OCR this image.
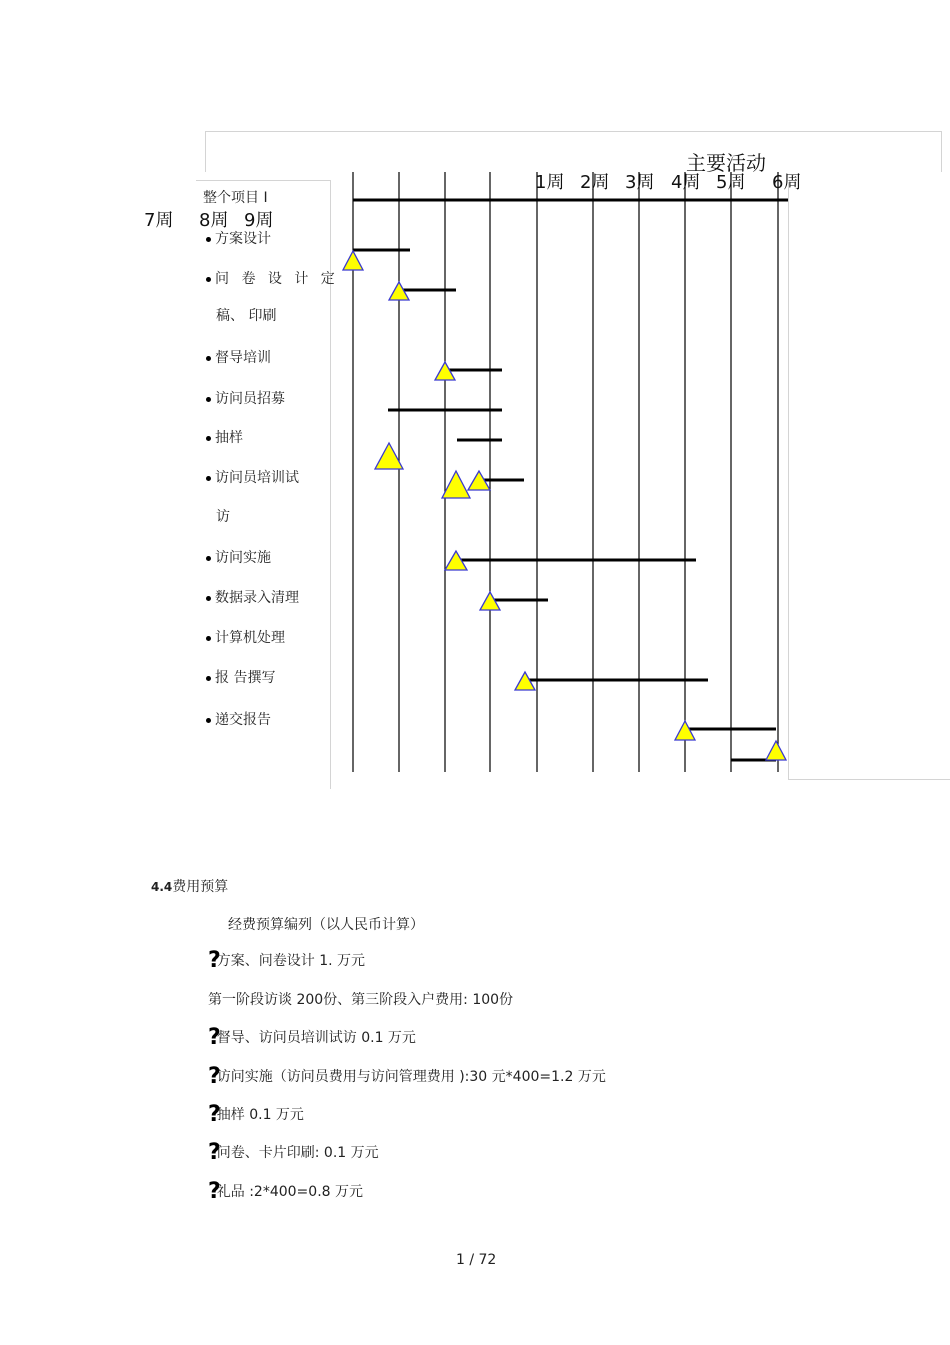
主要活动
1周 2周 3周 4周 5周 6周
7周 8周 9周
整个项目 I
方案设计
问 卷 设 计 定
稿、 印刷
督导培训
访问员招募
抽样
访问员培训试
访
访问实施
数据录入清理
计算机处理
报 告撰写
递交报告
4.4费用预算
经费预算编列（以人民币计算）
?方案、问卷设计 1. 万元
第一阶段访谈 200份、第三阶段入户费用: 100份
?督导、访问员培训试访 0.1 万元
?访问实施（访问员费用与访问管理费用 ):30 元*400=1.2 万元
?抽样 0.1 万元
?问卷、卡片印刷: 0.1 万元
?礼品 :2*400=0.8 万元
1 / 72
